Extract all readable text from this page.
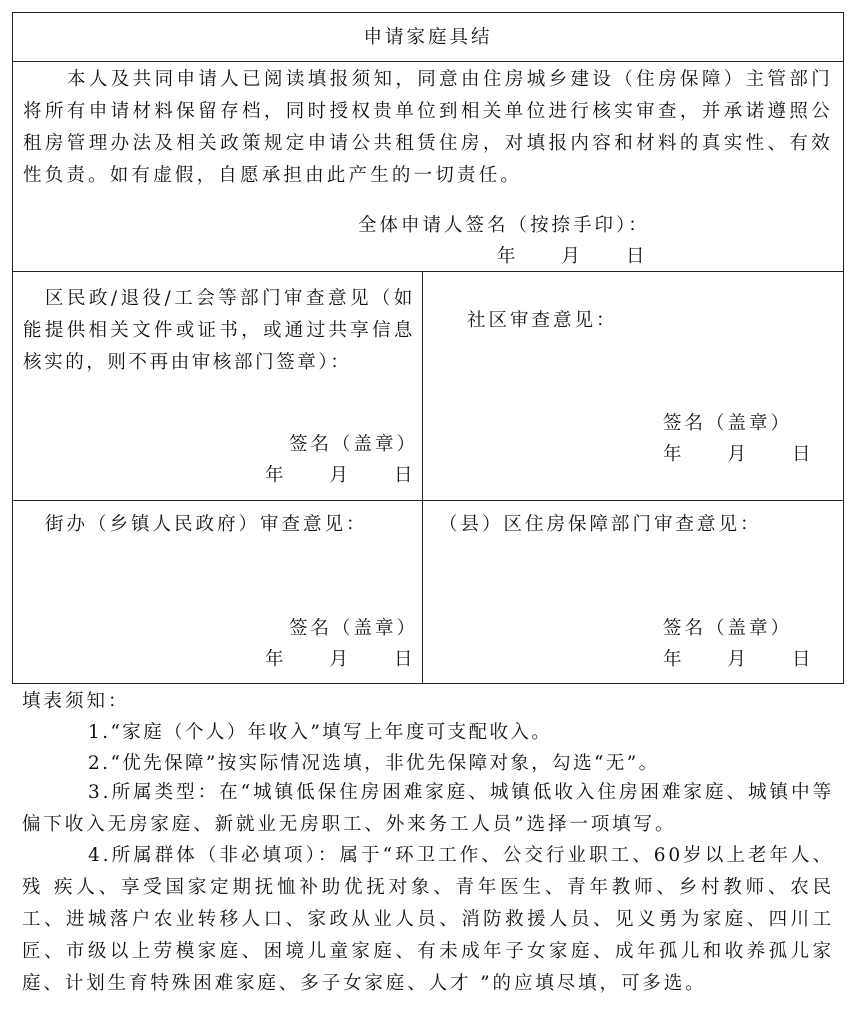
申请家庭具结
本人及共同申请人已阅读填报须知，同意由住房城乡建设（住房保障）主管部门将所有申请材料保留存档，同时授权贵单位到相关单位进行核实审查，并承诺遵照公租房管理办法及相关政策规定申请公共租赁住房，对填报内容和材料的真实性、有效性负责。如有虚假，自愿承担由此产生的一切责任。
全体申请人签名（按捺手印）：
年　　月　　日
区民政/退役/工会等部门审查意见（如能提供相关文件或证书，或通过共享信息核实的，则不再由审核部门签章）：
签名（盖章）
年　　月　　日
社区审查意见：
签名（盖章）
年　　月　　日
街办（乡镇人民政府）审查意见：
签名（盖章）
年　　月　　日
（县）区住房保障部门审查意见：
签名（盖章）
年　　月　　日
填表须知：
1.“家庭（个人）年收入”填写上年度可支配收入。
2.“优先保障”按实际情况选填，非优先保障对象，勾选“无”。
3.所属类型：在“城镇低保住房困难家庭、城镇低收入住房困难家庭、城镇中等偏下收入无房家庭、新就业无房职工、外来务工人员”选择一项填写。
4.所属群体（非必填项）：属于“环卫工作、公交行业职工、60岁以上老年人、残 疾人、享受国家定期抚恤补助优抚对象、青年医生、青年教师、乡村教师、农民工、进城落户农业转移人口、家政从业人员、消防救援人员、见义勇为家庭、四川工匠、市级以上劳模家庭、困境儿童家庭、有未成年子女家庭、成年孤儿和收养孤儿家庭、计划生育特殊困难家庭、多子女家庭、人才 ”的应填尽填，可多选。
